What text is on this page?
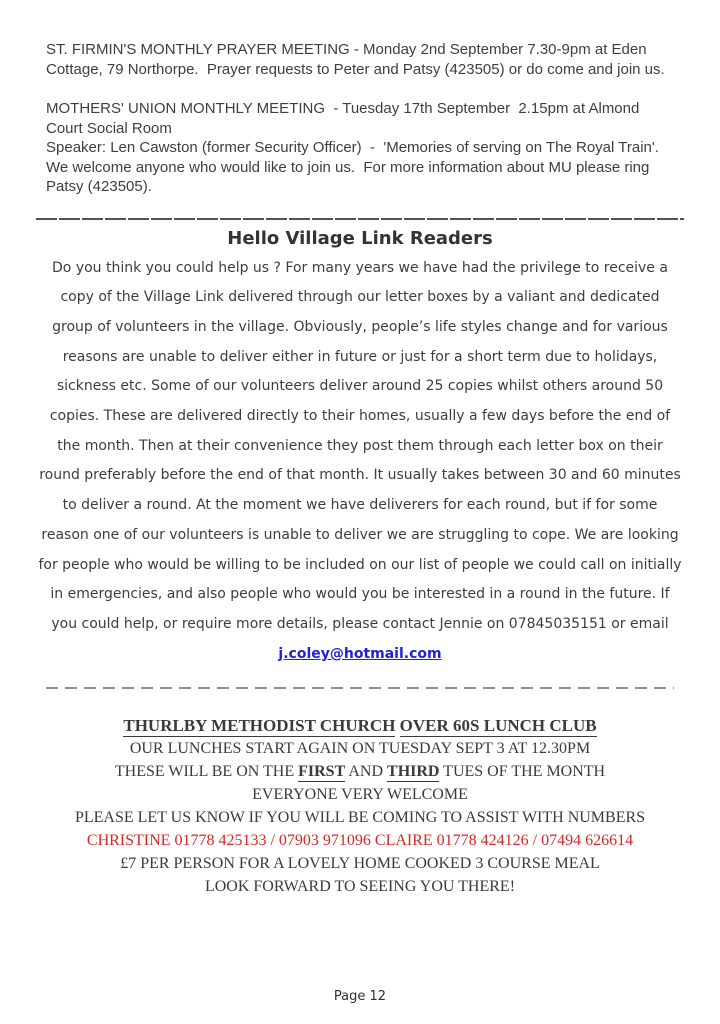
ST. FIRMIN'S MONTHLY PRAYER MEETING - Monday 2nd September 7.30-9pm at Eden Cottage, 79 Northorpe.  Prayer requests to Peter and Patsy (423505) or do come and join us.

MOTHERS' UNION MONTHLY MEETING  - Tuesday 17th September  2.15pm at Almond Court Social Room
Speaker: Len Cawston (former Security Officer)  -  'Memories of serving on The Royal Train'.  We welcome anyone who would like to join us.  For more information about MU please ring Patsy (423505).

Hello Village Link Readers

Do you think you could help us ? For many years we have had the privilege to receive a copy of the Village Link delivered through our letter boxes by a valiant and dedicated group of volunteers in the village. Obviously, people’s life styles change and for various reasons are unable to deliver either in future or just for a short term due to holidays, sickness etc. Some of our volunteers deliver around 25 copies whilst others around 50 copies. These are delivered directly to their homes, usually a few days before the end of the month. Then at their convenience they post them through each letter box on their round preferably before the end of that month. It usually takes between 30 and 60 minutes to deliver a round. At the moment we have deliverers for each round, but if for some reason one of our volunteers is unable to deliver we are struggling to cope. We are looking for people who would be willing to be included on our list of people we could call on initially in emergencies, and also people who would you be interested in a round in the future. If you could help, or require more details, please contact Jennie on 07845035151 or email j.coley@hotmail.com

THURLBY METHODIST CHURCH OVER 60S LUNCH CLUB

OUR LUNCHES START AGAIN ON TUESDAY SEPT 3 AT 12.30PM

THESE WILL BE ON THE FIRST AND THIRD TUES OF THE MONTH

EVERYONE VERY WELCOME

PLEASE LET US KNOW IF YOU WILL BE COMING TO ASSIST WITH NUMBERS

CHRISTINE 01778 425133 / 07903 971096 CLAIRE 01778 424126 / 07494 626614

£7 PER PERSON FOR A LOVELY HOME COOKED 3 COURSE MEAL

LOOK FORWARD TO SEEING YOU THERE!

Page 12
